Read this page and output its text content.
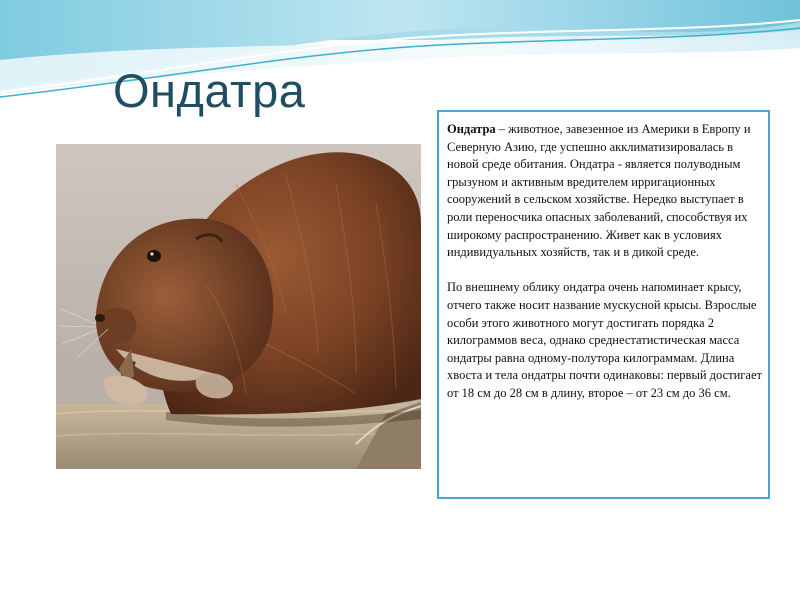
Ондатра

Ондатра – животное, завезенное из Америки в Европу и Северную Азию, где успешно акклиматизировалась в новой среде обитания. Ондатра - является полуводным грызуном и активным вредителем ирригационных сооружений в сельском хозяйстве. Нередко выступает в роли переносчика опасных заболеваний, способствуя их широкому распространению. Живет как в условиях индивидуальных хозяйств, так и в дикой среде.

По внешнему облику ондатра очень напоминает крысу, отчего также носит название мускусной крысы. Взрослые особи этого животного могут достигать порядка 2 килограммов веса, однако среднестатистическая масса ондатры равна одному-полутора килограммам. Длина хвоста и тела ондатры почти одинаковы: первый достигает от 18 см до 28 см в длину, второе – от 23 см до 36 см.
